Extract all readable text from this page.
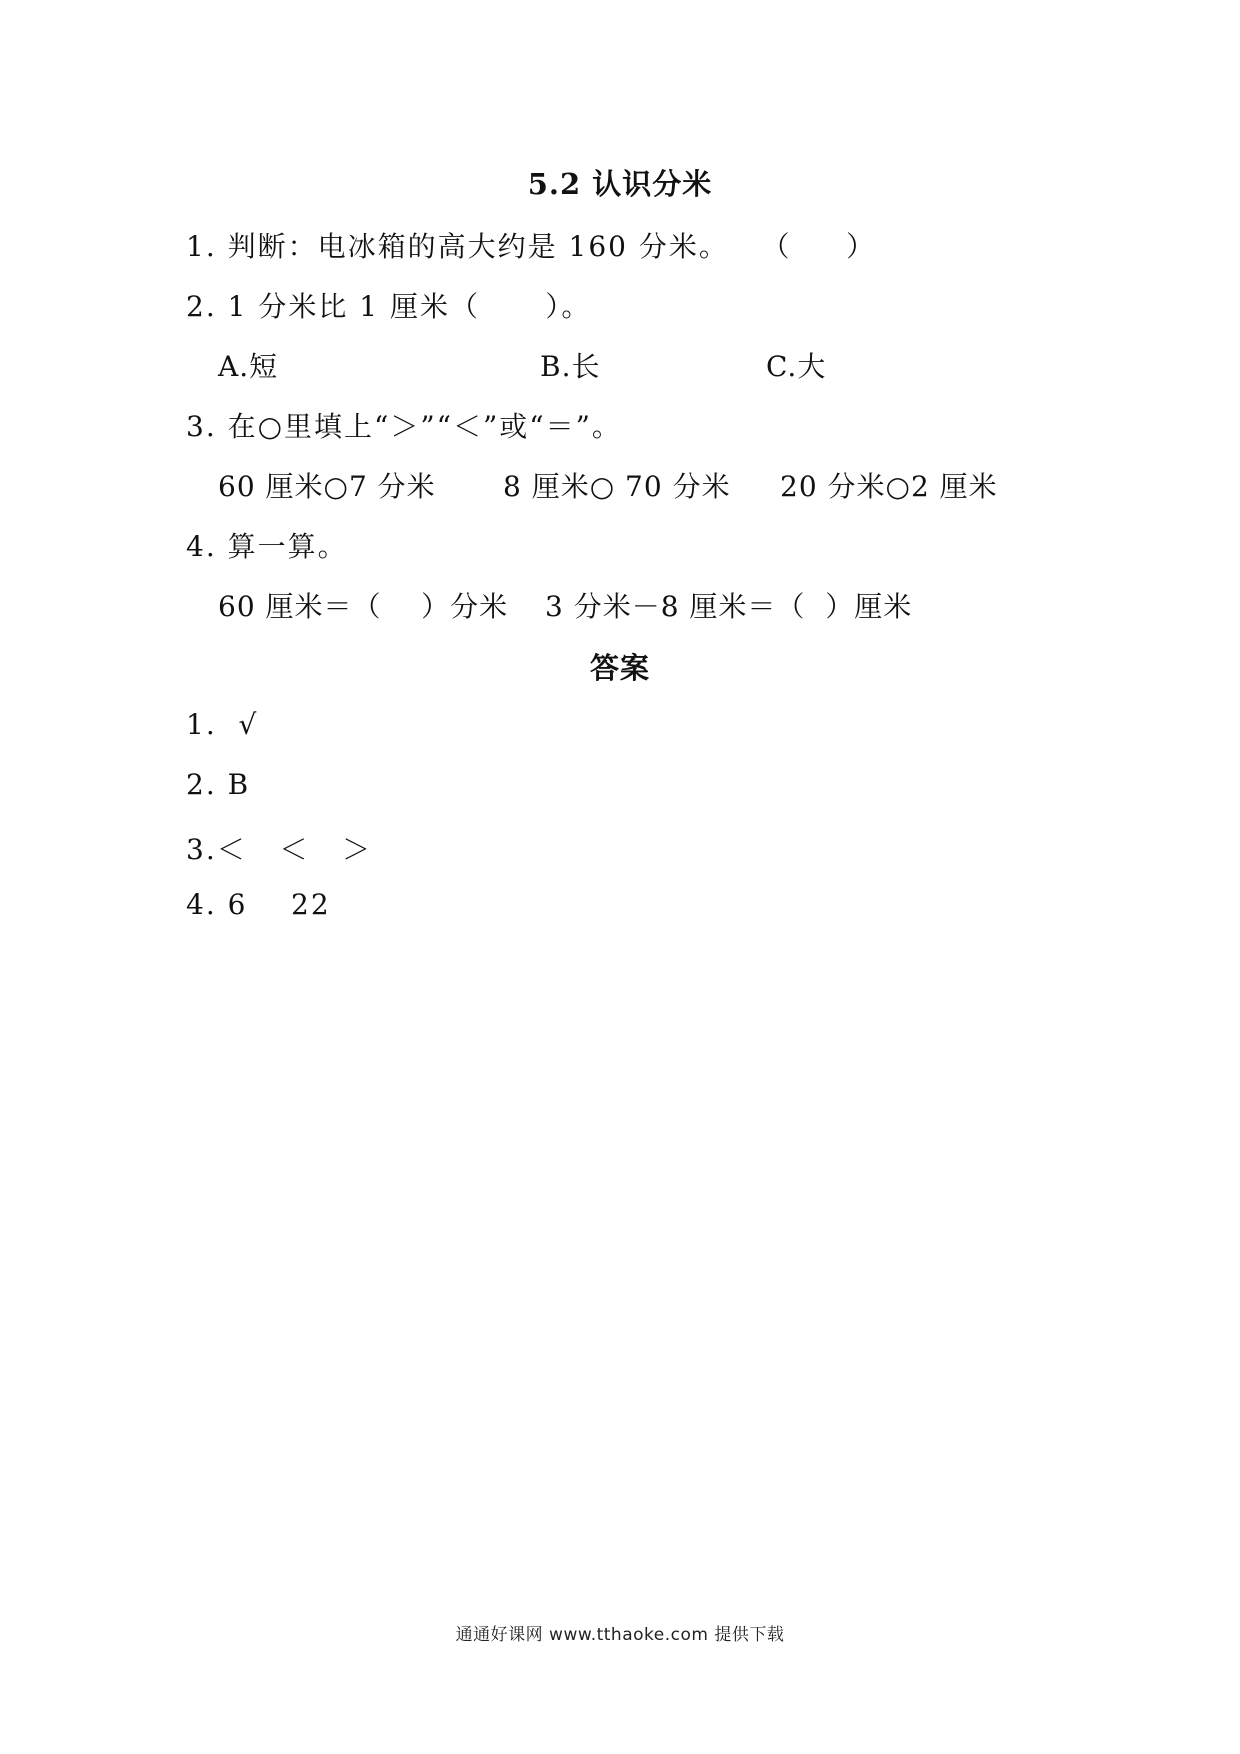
5.2 认识分米
1. 判断：电冰箱的高大约是 160 分米。   （     ）
2. 1 分米比 1 厘米（      ）。
A.短	B.长	C.大
3. 在○里填上“＞”“＜”或“＝”。
60 厘米○7 分米 8 厘米○ 70 分米 20 分米○2 厘米
4. 算一算。
60 厘米＝（    ）分米 3 分米－8 厘米＝（  ）厘米
答案
1.  √
2. B
3.＜   ＜   ＞
4. 6    22
通通好课网 www.tthaoke.com 提供下载
